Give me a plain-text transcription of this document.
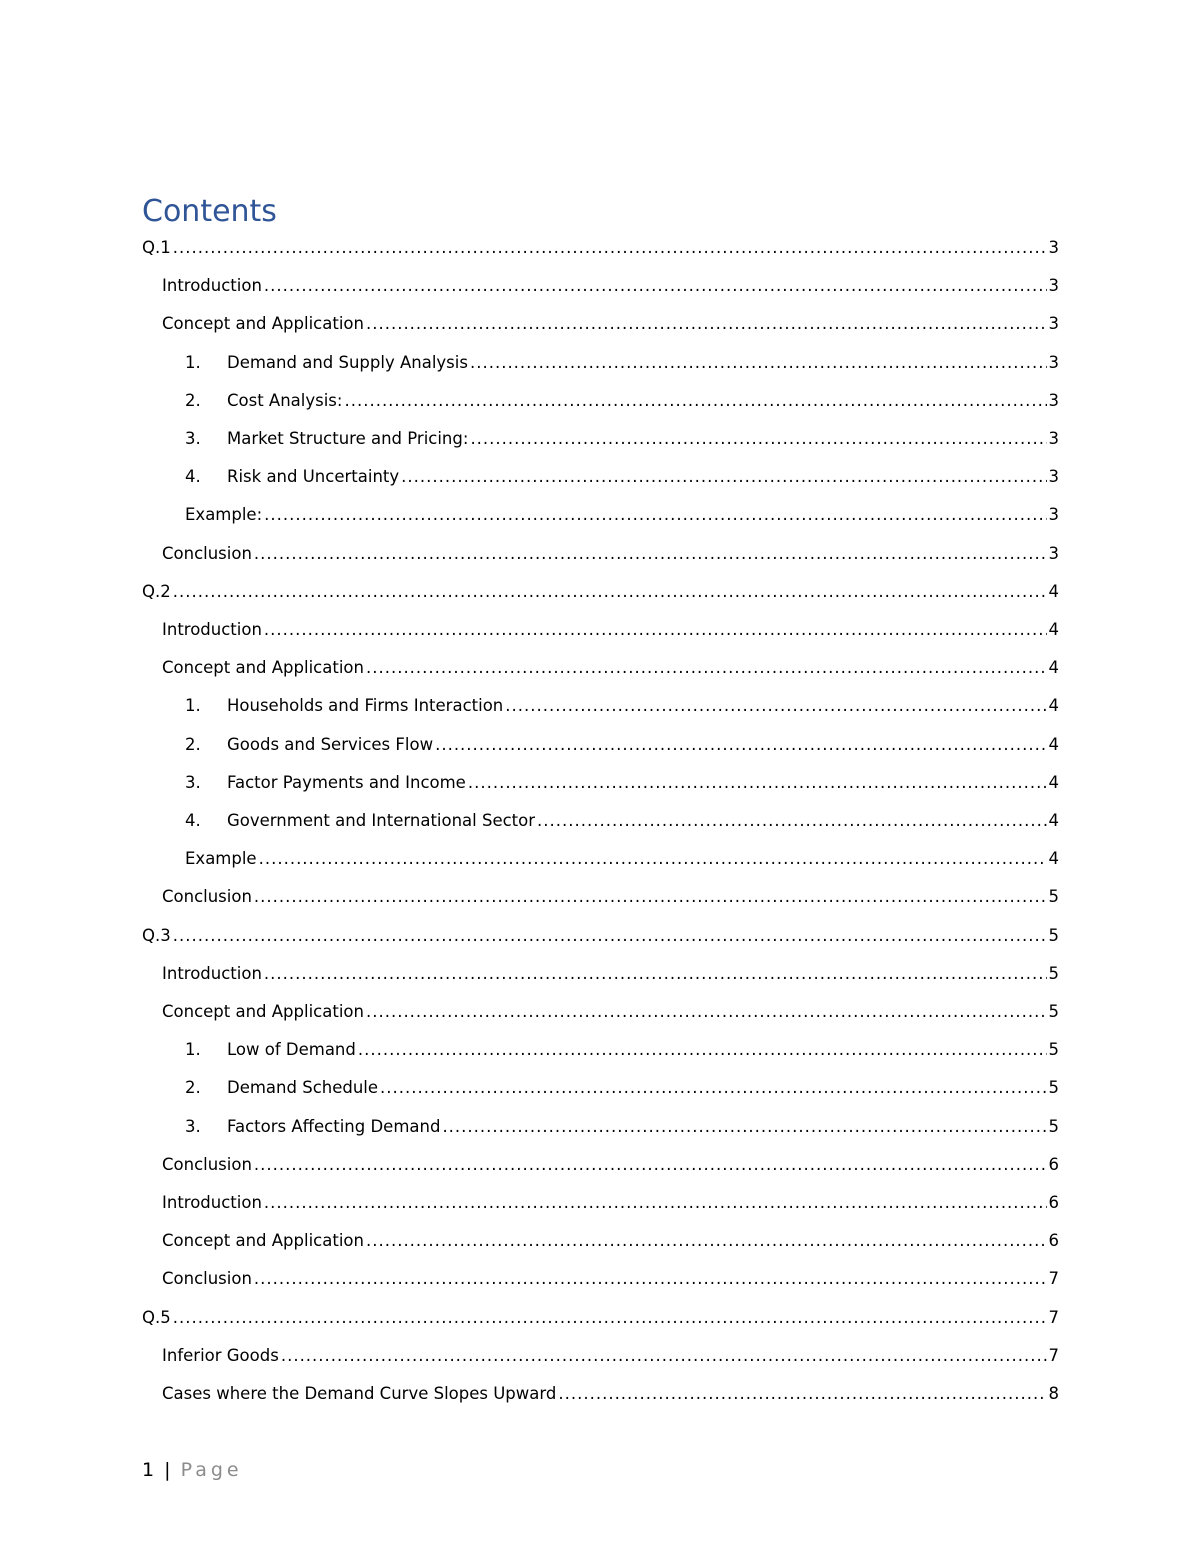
Contents
Q.1 .....	3
Introduction .....	3
Concept and Application .....	3
1.	Demand and Supply Analysis .....	3
2.	Cost Analysis: .....	3
3.	Market Structure and Pricing: .....	3
4.	Risk and Uncertainty .....	3
Example: .....	3
Conclusion .....	3
Q.2 .....	4
Introduction .....	4
Concept and Application .....	4
1.	Households and Firms Interaction .....	4
2.	Goods and Services Flow .....	4
3.	Factor Payments and Income .....	4
4.	Government and International Sector .....	4
Example .....	4
Conclusion .....	5
Q.3 .....	5
Introduction .....	5
Concept and Application .....	5
1.	Low of Demand .....	5
2.	Demand Schedule .....	5
3.	Factors Affecting Demand .....	5
Conclusion .....	6
Introduction .....	6
Concept and Application .....	6
Conclusion .....	7
Q.5 .....	7
Inferior Goods .....	7
Cases where the Demand Curve Slopes Upward .....	8
1 | Page
